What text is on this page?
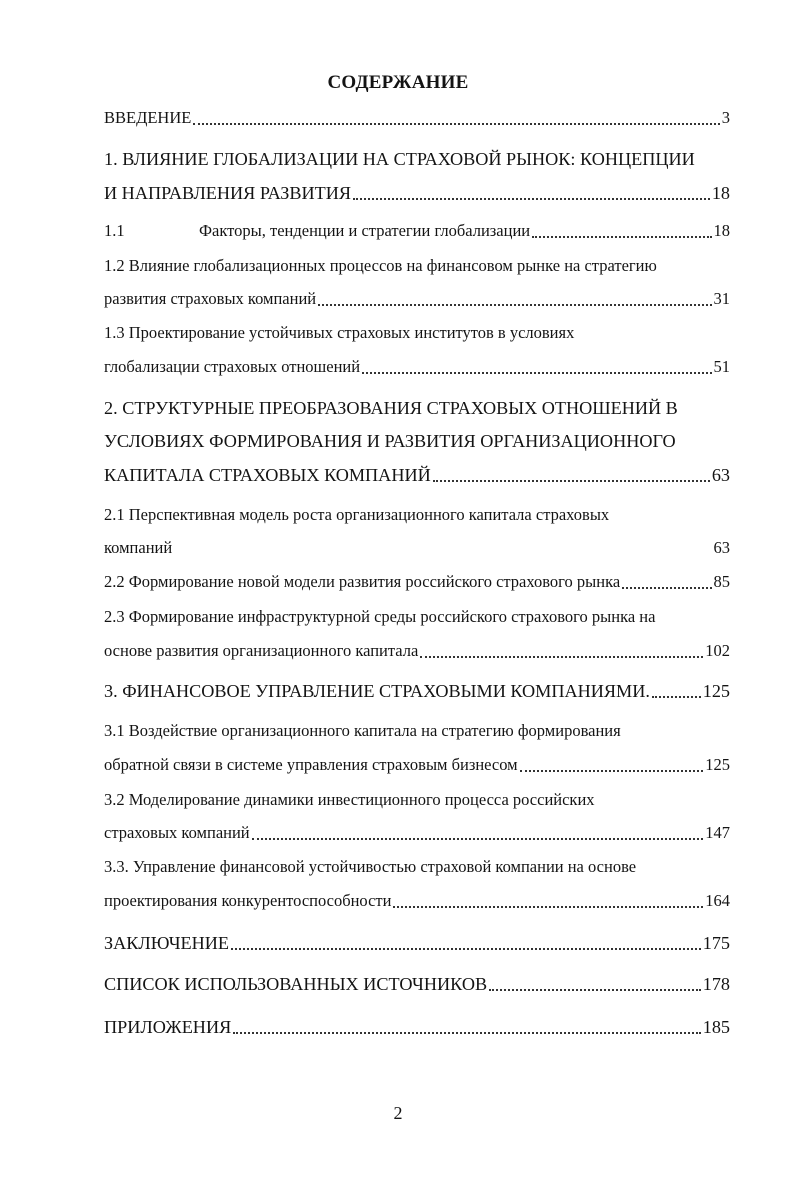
СОДЕРЖАНИЕ
ВВЕДЕНИЕ	3
1. ВЛИЯНИЕ ГЛОБАЛИЗАЦИИ НА СТРАХОВОЙ РЫНОК: КОНЦЕПЦИИ
И НАПРАВЛЕНИЯ РАЗВИТИЯ	18
1.1	Факторы, тенденции и стратегии глобализации	18
1.2 Влияние глобализационных процессов на финансовом рынке на стратегию
развития страховых компаний	31
1.3 Проектирование устойчивых страховых институтов в условиях
глобализации страховых отношений	51
2. СТРУКТУРНЫЕ ПРЕОБРАЗОВАНИЯ СТРАХОВЫХ ОТНОШЕНИЙ В
УСЛОВИЯХ ФОРМИРОВАНИЯ И РАЗВИТИЯ ОРГАНИЗАЦИОННОГО
КАПИТАЛА СТРАХОВЫХ КОМПАНИЙ	63
2.1 Перспективная модель роста организационного капитала страховых
компаний	63
2.2 Формирование новой модели развития российского страхового рынка	85
2.3 Формирование инфраструктурной среды российского страхового рынка на
основе развития организационного капитала	102
3. ФИНАНСОВОЕ УПРАВЛЕНИЕ СТРАХОВЫМИ КОМПАНИЯМИ.	125
3.1 Воздействие организационного капитала на стратегию формирования
обратной связи в системе управления страховым бизнесом	125
3.2 Моделирование динамики инвестиционного процесса российских
страховых компаний	147
3.3. Управление финансовой устойчивостью страховой компании на основе
проектирования конкурентоспособности	164
ЗАКЛЮЧЕНИЕ	175
СПИСОК ИСПОЛЬЗОВАННЫХ ИСТОЧНИКОВ	178
ПРИЛОЖЕНИЯ	185
2
